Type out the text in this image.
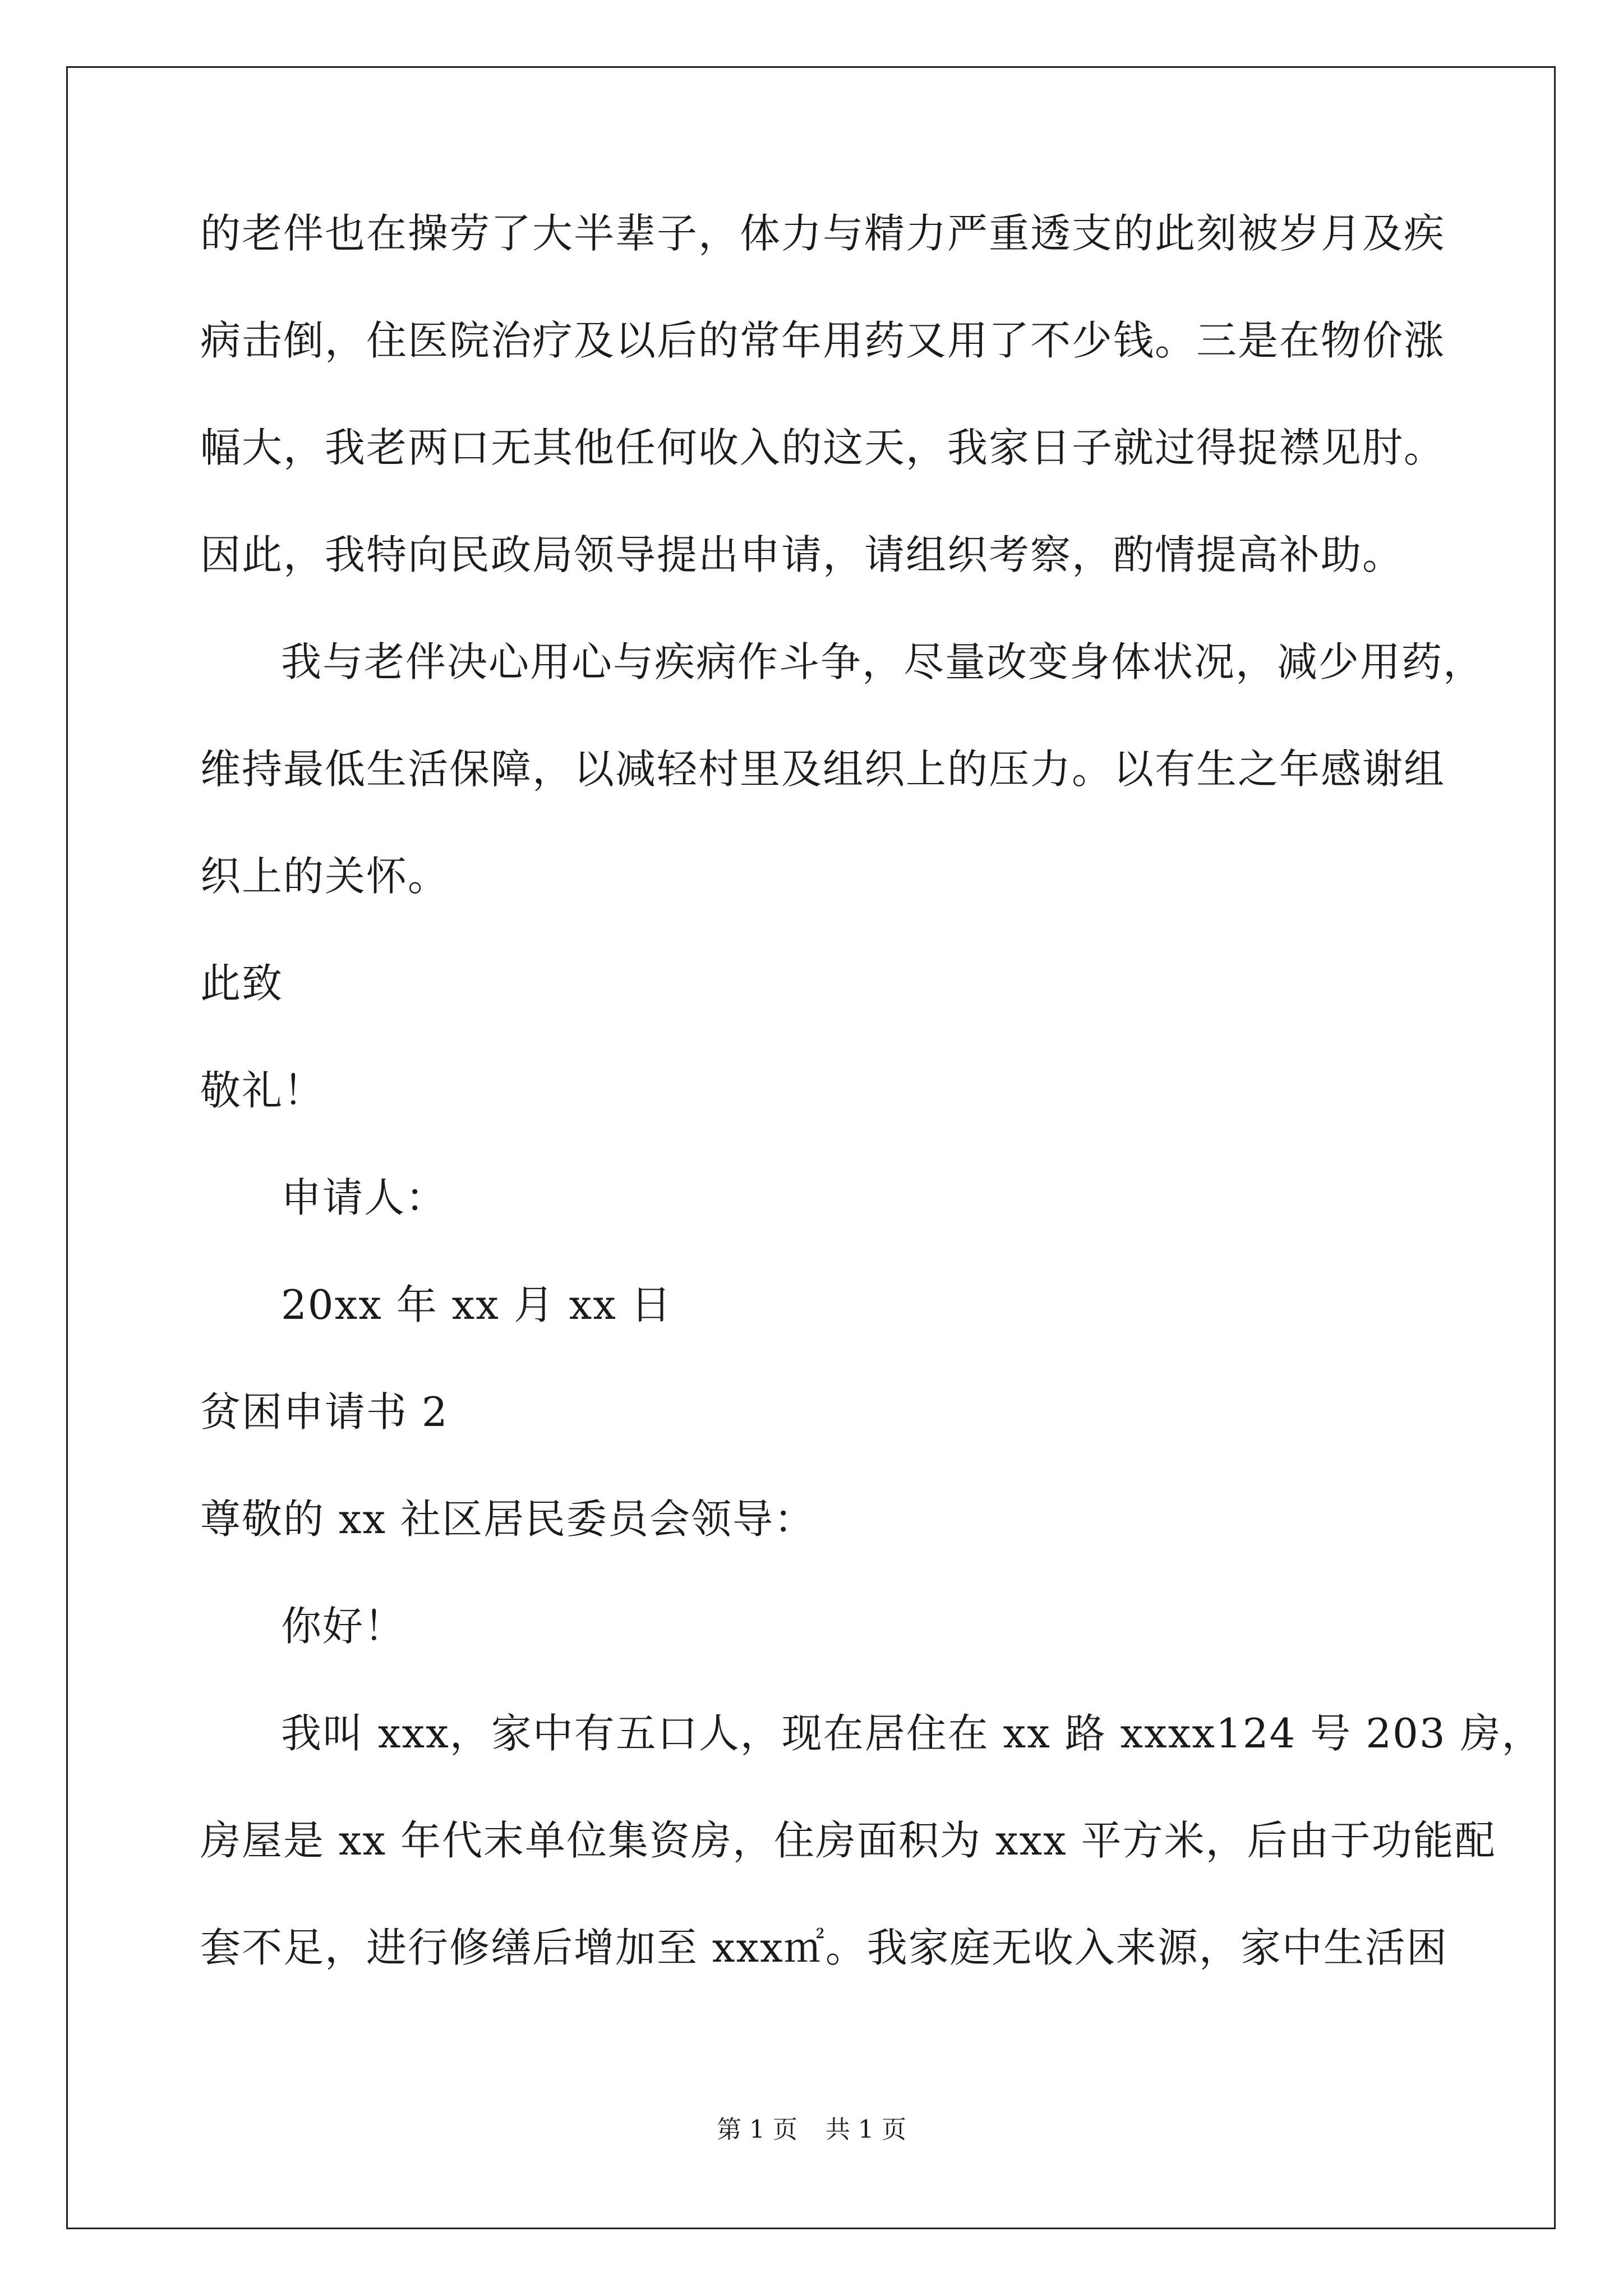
的老伴也在操劳了大半辈子，体力与精力严重透支的此刻被岁月及疾
病击倒，住医院治疗及以后的常年用药又用了不少钱。三是在物价涨
幅大，我老两口无其他任何收入的这天，我家日子就过得捉襟见肘。
因此，我特向民政局领导提出申请，请组织考察，酌情提高补助。
我与老伴决心用心与疾病作斗争，尽量改变身体状况，减少用药，
维持最低生活保障，以减轻村里及组织上的压力。以有生之年感谢组
织上的关怀。
此致
敬礼！
申请人：
20xx 年 xx 月 xx 日
贫困申请书 2
尊敬的 xx 社区居民委员会领导：
你好！
我叫 xxx，家中有五口人，现在居住在 xx 路 xxxx124 号 203 房，
房屋是 xx 年代末单位集资房，住房面积为 xxx 平方米，后由于功能配
套不足，进行修缮后增加至 xxx㎡。我家庭无收入来源，家中生活困
第 1 页 共 1 页
